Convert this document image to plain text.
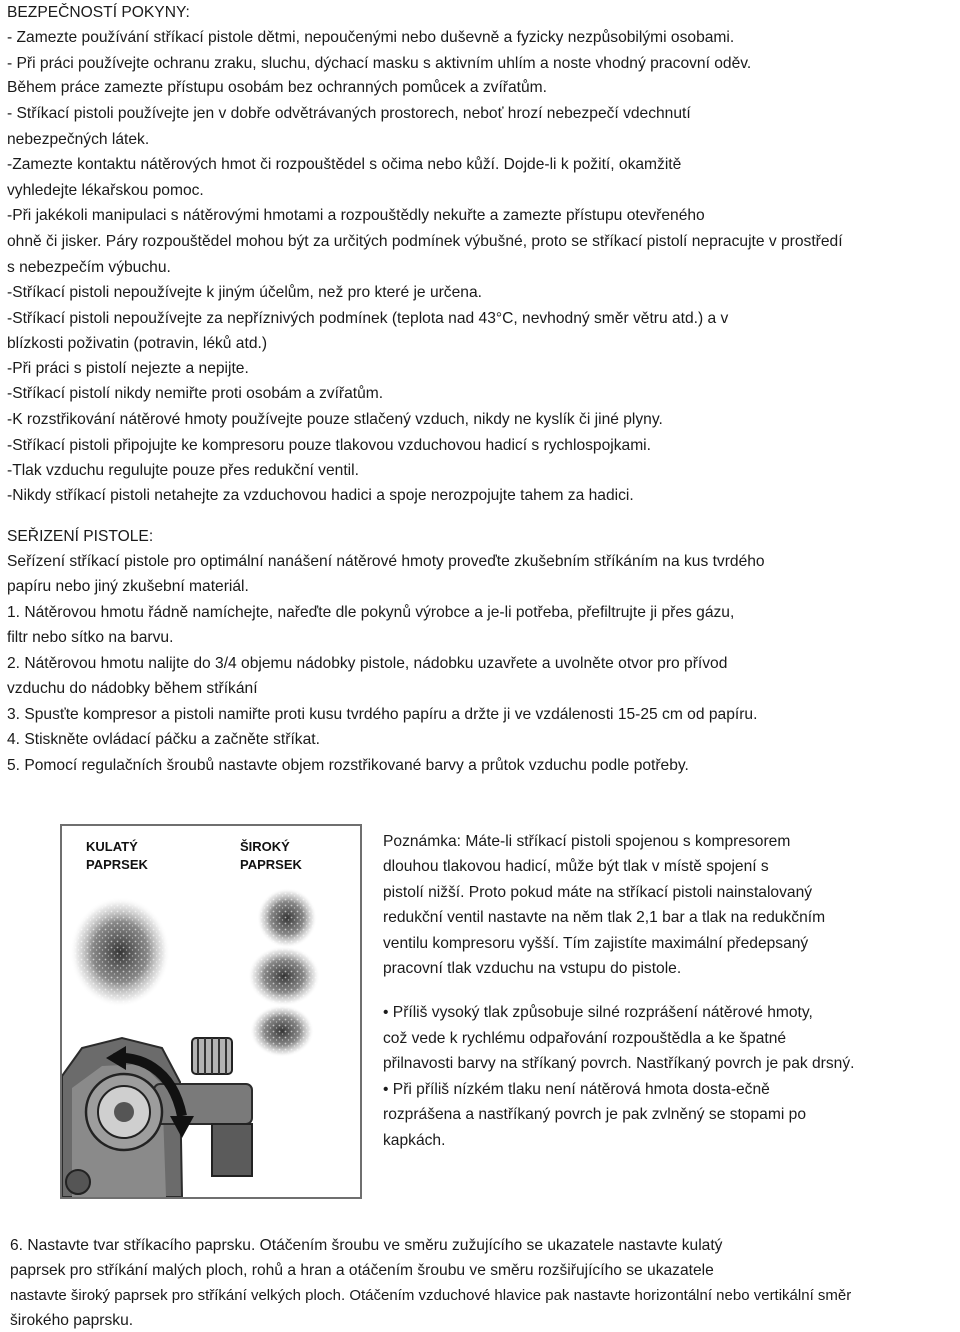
BEZPEČNOSTÍ POKYNY:
- Zamezte používání stříkací pistole dětmi, nepoučenými nebo duševně a fyzicky nezpůsobilými osobami.
- Při práci používejte ochranu zraku, sluchu, dýchací masku s aktivním uhlím a noste vhodný pracovní oděv.
Během práce zamezte přístupu osobám bez ochranných pomůcek a zvířatům.
- Stříkací pistoli používejte jen v dobře odvětrávaných prostorech, neboť hrozí nebezpečí vdechnutí
nebezpečných látek.
-Zamezte kontaktu nátěrových hmot či rozpouštědel s očima nebo kůží. Dojde-li k požití, okamžitě
vyhledejte lékařskou pomoc.
-Při jakékoli manipulaci s nátěrovými hmotami a rozpouštědly nekuřte a zamezte přístupu otevřeného
ohně či jisker. Páry rozpouštědel mohou být za určitých podmínek výbušné, proto se stříkací pistolí nepracujte v prostředí
s nebezpečím výbuchu.
-Stříkací pistoli nepoužívejte k jiným účelům, než pro které je určena.
-Stříkací pistoli nepoužívejte za nepříznivých podmínek (teplota nad 43°C, nevhodný směr větru atd.) a v
blízkosti poživatin (potravin, léků atd.)
-Při práci s pistolí nejezte a nepijte.
-Stříkací pistolí nikdy nemiřte proti osobám a zvířatům.
-K rozstřikování nátěrové hmoty používejte pouze stlačený vzduch, nikdy ne kyslík či jiné plyny.
-Stříkací pistoli připojujte ke kompresoru pouze tlakovou vzduchovou hadicí s rychlospojkami.
-Tlak vzduchu regulujte pouze přes redukční ventil.
-Nikdy stříkací pistoli netahejte za vzduchovou hadici a spoje nerozpojujte tahem za hadici.
SEŘIZENÍ PISTOLE:
Seřízení stříkací pistole pro optimální nanášení nátěrové hmoty proveďte zkušebním stříkáním na kus tvrdého
papíru nebo jiný zkušební materiál.
1. Nátěrovou hmotu řádně namíchejte, nařeďte dle pokynů výrobce a je-li potřeba, přefiltrujte ji přes gázu,
filtr nebo sítko na barvu.
2. Nátěrovou hmotu nalijte do 3/4 objemu nádobky pistole, nádobku uzavřete a uvolněte otvor pro přívod
vzduchu do nádobky během stříkání
3. Spusťte kompresor a pistoli namiřte proti kusu tvrdého papíru a držte ji ve vzdálenosti 15-25 cm od papíru.
4. Stiskněte ovládací páčku a začněte stříkat.
5. Pomocí regulačních šroubů nastavte objem rozstřikované barvy a průtok vzduchu podle potřeby.
KULATÝ
PAPRSEK
ŠIROKÝ
PAPRSEK
Poznámka: Máte-li stříkací pistoli spojenou s kompresorem
dlouhou tlakovou hadicí, může být tlak v místě spojení s
pistolí nižší. Proto pokud máte na stříkací pistoli nainstalovaný
redukční ventil nastavte na něm tlak 2,1 bar a tlak na redukčním
ventilu kompresoru vyšší. Tím zajistíte maximální předepsaný
pracovní tlak vzduchu na vstupu do pistole.
• Příliš vysoký tlak způsobuje silné rozprášení nátěrové hmoty,
což vede k rychlému odpařování rozpouštědla a ke špatné
přilnavosti barvy na stříkaný povrch. Nastříkaný povrch je pak drsný.
• Při příliš nízkém tlaku není nátěrová hmota dosta-ečně
rozprášena a nastříkaný povrch je pak zvlněný se stopami po
kapkách.
6. Nastavte tvar stříkacího paprsku. Otáčením šroubu ve směru zužujícího se ukazatele nastavte kulatý
paprsek pro stříkání malých ploch, rohů a hran a otáčením šroubu ve směru rozšiřujícího se ukazatele
nastavte široký paprsek pro stříkání velkých ploch. Otáčením vzduchové hlavice pak nastavte horizontální nebo vertikální směr
širokého paprsku.
